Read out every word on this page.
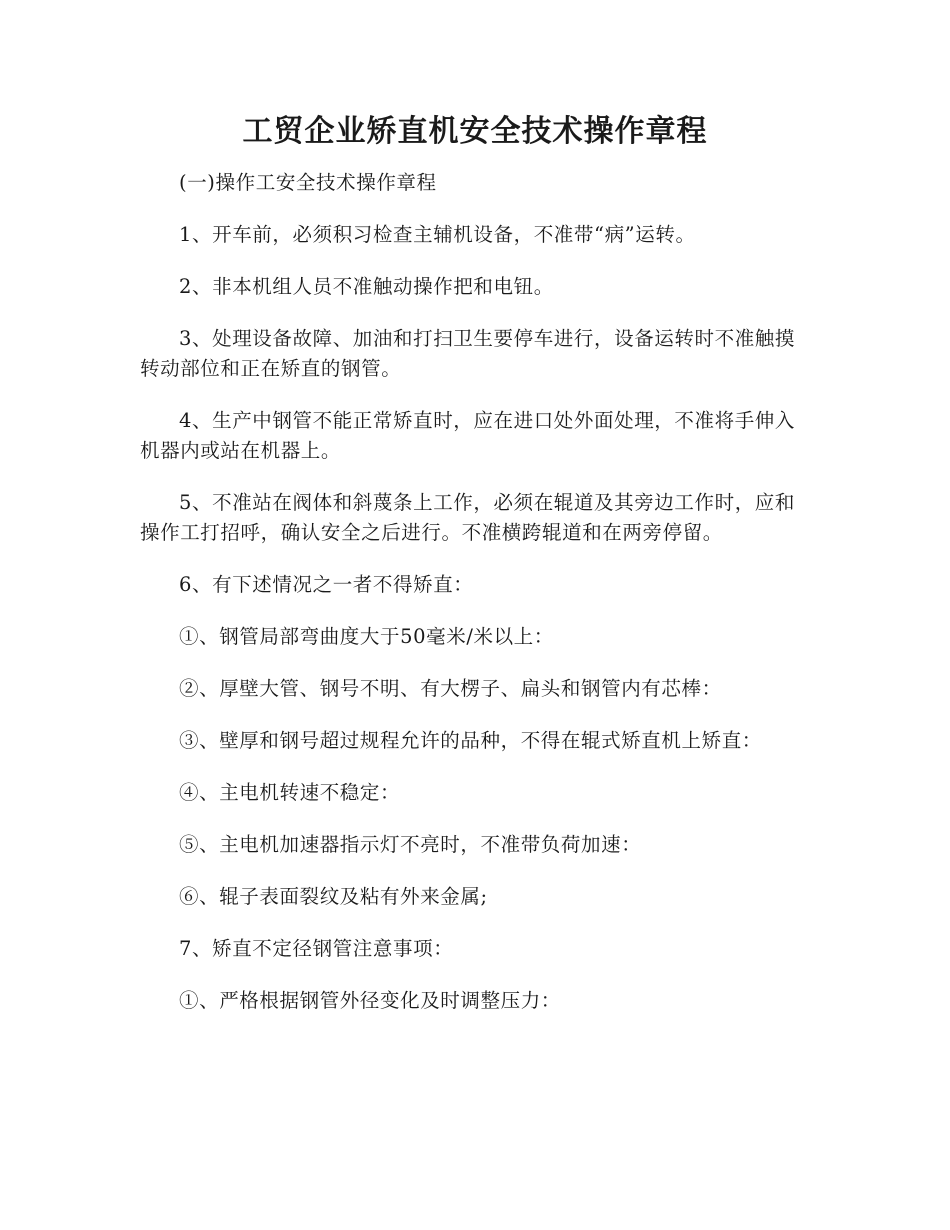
工贸企业矫直机安全技术操作章程

(一)操作工安全技术操作章程

1、开车前，必须积习检查主辅机设备，不准带“病”运转。

2、非本机组人员不准触动操作把和电钮。

3、处理设备故障、加油和打扫卫生要停车进行，设备运转时不准触摸转动部位和正在矫直的钢管。

4、生产中钢管不能正常矫直时，应在进口处外面处理，不准将手伸入机器内或站在机器上。

5、不准站在阀体和斜蔑条上工作，必须在辊道及其旁边工作时，应和操作工打招呼，确认安全之后进行。不准横跨辊道和在两旁停留。

6、有下述情况之一者不得矫直：

①、钢管局部弯曲度大于50毫米/米以上：

②、厚壁大管、钢号不明、有大楞子、扁头和钢管内有芯棒：

③、壁厚和钢号超过规程允许的品种，不得在辊式矫直机上矫直：

④、主电机转速不稳定：

⑤、主电机加速器指示灯不亮时，不准带负荷加速：

⑥、辊子表面裂纹及粘有外来金属;

7、矫直不定径钢管注意事项：

①、严格根据钢管外径变化及时调整压力：
